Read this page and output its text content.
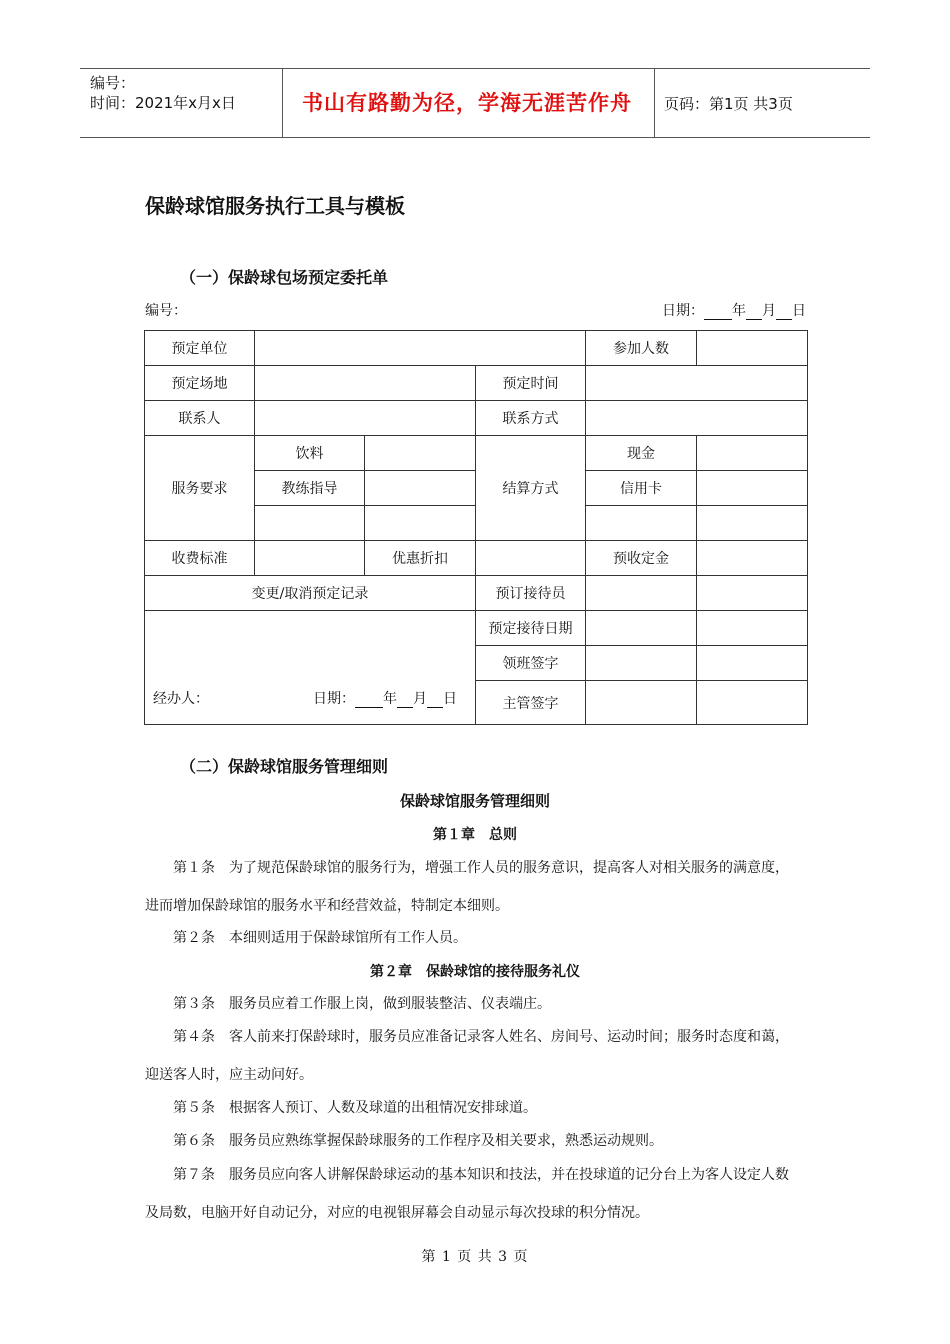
编号：
时间：2021年x月x日	书山有路勤为径，学海无涯苦作舟	页码：第1页 共3页
保龄球馆服务执行工具与模板
（一）保龄球包场预定委托单
编号：	日期： 年 月 日
预定单位				参加人数	
预定场地			预定时间		
联系人			联系方式		
服务要求	饮料		结算方式	现金	
	教练指导			信用卡	

收费标准		优惠折扣		预收定金	
变更/取消预定记录			预订接待员		
经办人： 日期： 年 月 日			预定接待日期		
			领班签字		
			主管签字		
（二）保龄球馆服务管理细则
保龄球馆服务管理细则
第１章　总则
第１条　为了规范保龄球馆的服务行为，增强工作人员的服务意识，提高客人对相关服务的满意度，
进而增加保龄球馆的服务水平和经营效益，特制定本细则。
第２条　本细则适用于保龄球馆所有工作人员。
第２章　保龄球馆的接待服务礼仪
第３条　服务员应着工作服上岗，做到服装整洁、仪表端庄。
第４条　客人前来打保龄球时，服务员应准备记录客人姓名、房间号、运动时间；服务时态度和蔼，
迎送客人时，应主动问好。
第５条　根据客人预订、人数及球道的出租情况安排球道。
第６条　服务员应熟练掌握保龄球服务的工作程序及相关要求，熟悉运动规则。
第７条　服务员应向客人讲解保龄球运动的基本知识和技法，并在投球道的记分台上为客人设定人数
及局数，电脑开好自动记分，对应的电视银屏幕会自动显示每次投球的积分情况。
第 1 页 共 3 页
